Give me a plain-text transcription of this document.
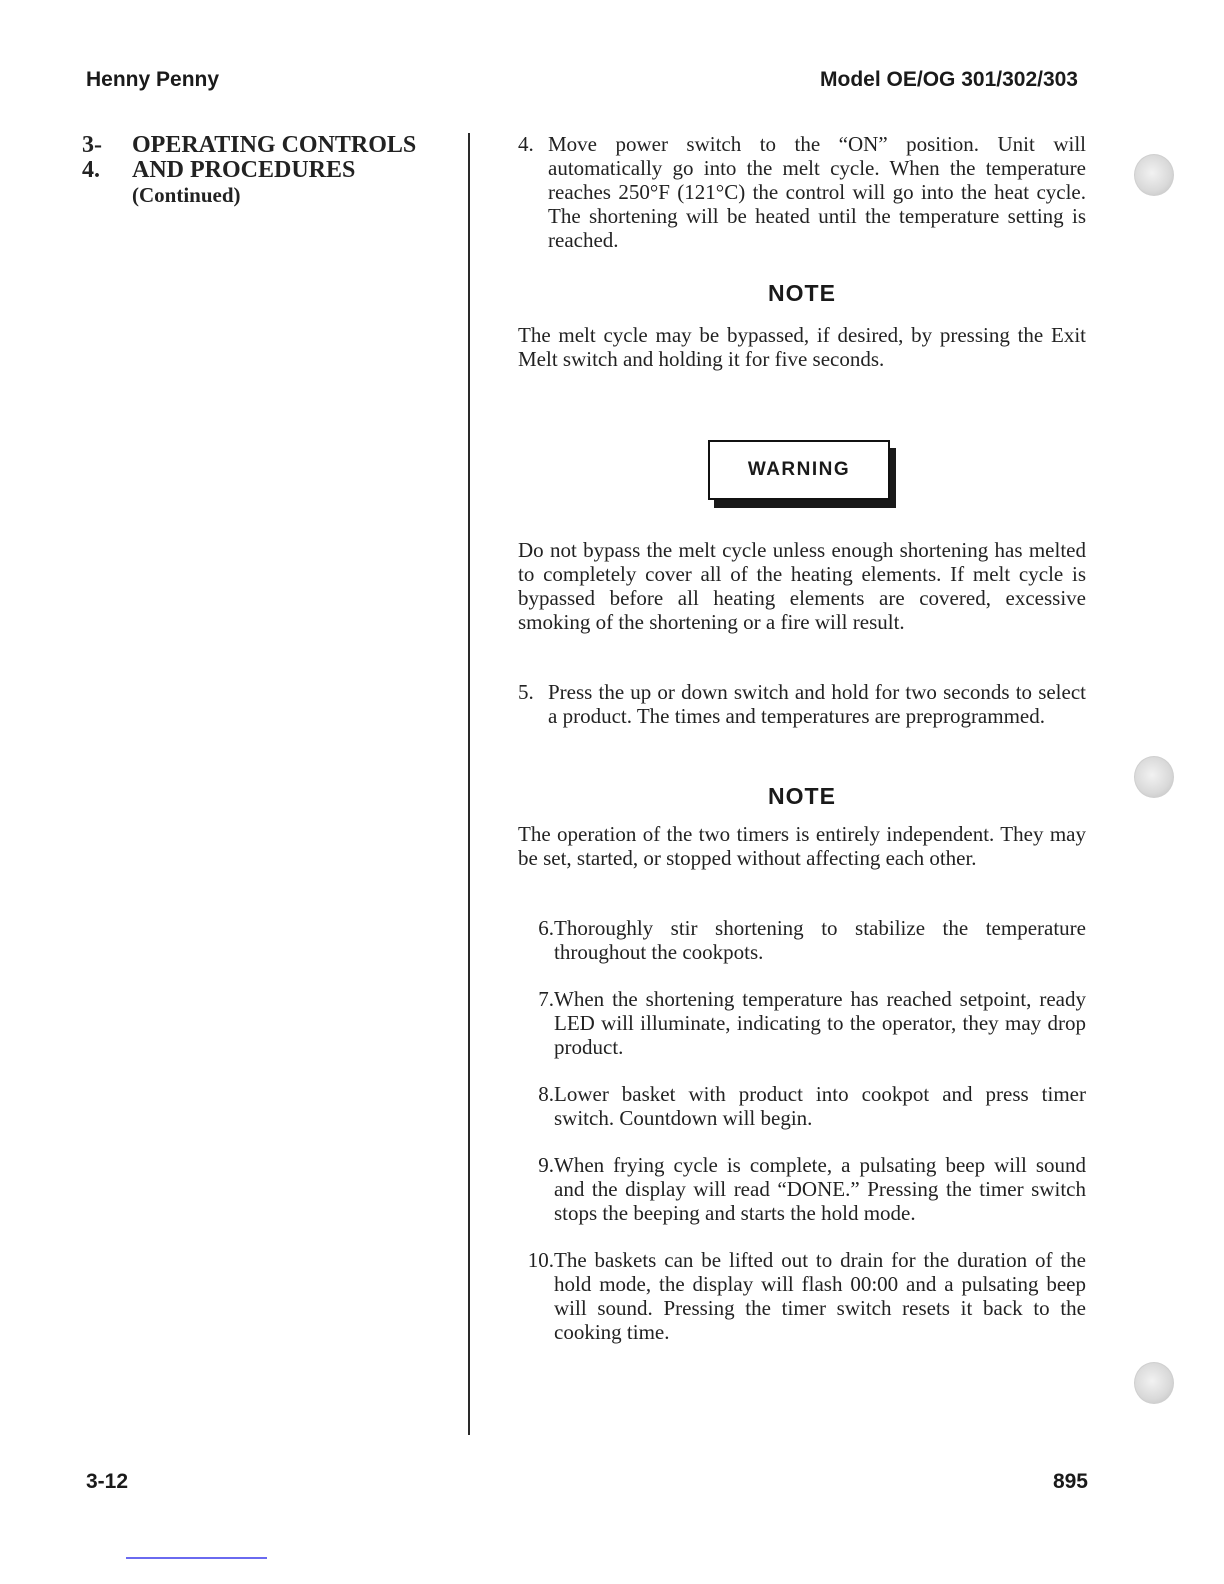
Henny Penny	Model OE/OG 301/302/303
3-4.
OPERATING CONTROLS
AND PROCEDURES
(Continued)
4. Move power switch to the “ON” position. Unit will automatically go into the melt cycle. When the temperature reaches 250°F (121°C) the control will go into the heat cycle. The shortening will be heated until the temperature setting is reached.
NOTE
The melt cycle may be bypassed, if desired, by pressing the Exit Melt switch and holding it for five seconds.
WARNING
Do not bypass the melt cycle unless enough shortening has melted to completely cover all of the heating elements. If melt cycle is bypassed before all heating elements are covered, excessive smoking of the shortening or a fire will result.
5. Press the up or down switch and hold for two seconds to select a product. The times and temperatures are preprogrammed.
NOTE
The operation of the two timers is entirely independent. They may be set, started, or stopped without affecting each other.
6. Thoroughly stir shortening to stabilize the temperature throughout the cookpots.
7. When the shortening temperature has reached setpoint, ready LED will illuminate, indicating to the operator, they may drop product.
8. Lower basket with product into cookpot and press timer switch. Countdown will begin.
9. When frying cycle is complete, a pulsating beep will sound and the display will read “DONE.” Pressing the timer switch stops the beeping and starts the hold mode.
10. The baskets can be lifted out to drain for the duration of the hold mode, the display will flash 00:00 and a pulsating beep will sound. Pressing the timer switch resets it back to the cooking time.
3-12	895
